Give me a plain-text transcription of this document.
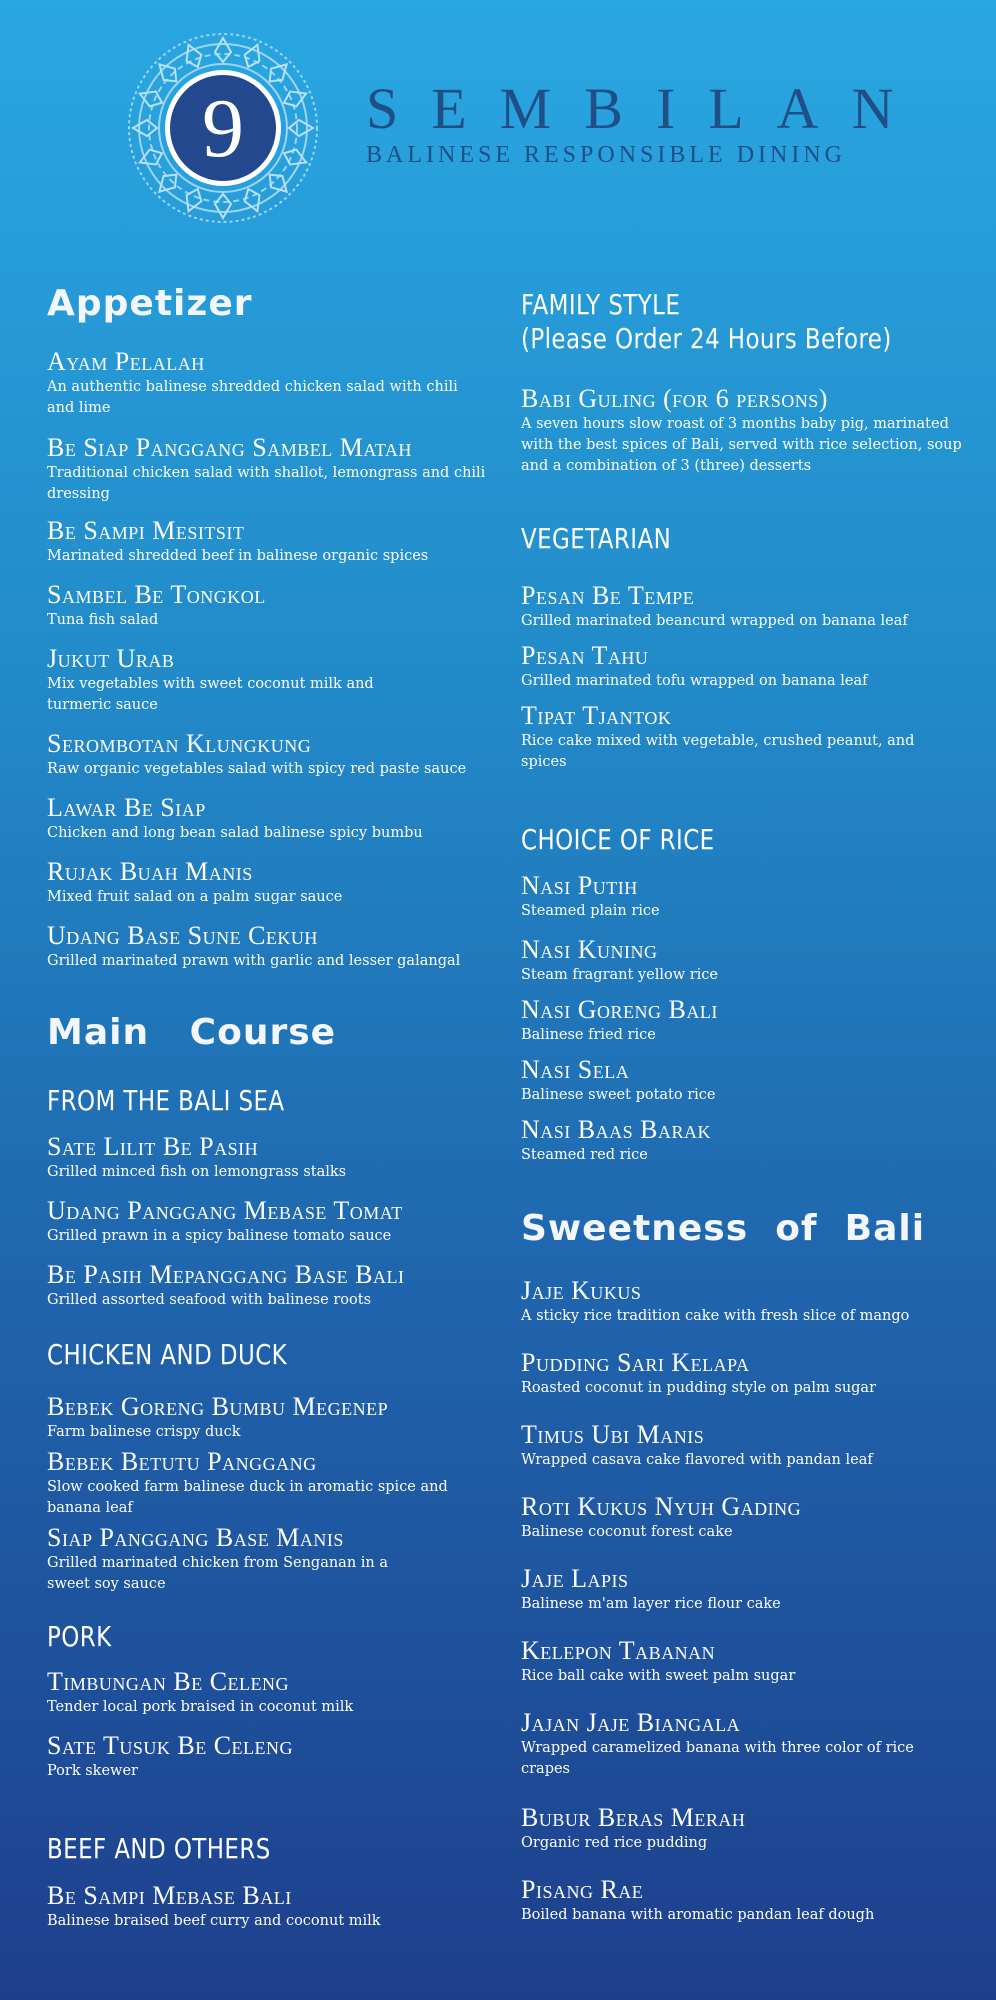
9 SEMBILAN
BALINESE RESPONSIBLE DINING
Appetizer
Ayam Pelalah
An authentic balinese shredded chicken salad with chili and lime
Be Siap Panggang Sambel Matah
Traditional chicken salad with shallot, lemongrass and chili dressing
Be Sampi Mesitsit
Marinated shredded beef in balinese organic spices
Sambel Be Tongkol
Tuna fish salad
Jukut Urab
Mix vegetables with sweet coconut milk and turmeric sauce
Serombotan Klungkung
Raw organic vegetables salad with spicy red paste sauce
Lawar Be Siap
Chicken and long bean salad balinese spicy bumbu
Rujak Buah Manis
Mixed fruit salad on a palm sugar sauce
Udang Base Sune Cekuh
Grilled marinated prawn with garlic and lesser galangal
Main   Course
FROM THE BALI SEA
Sate Lilit Be Pasih
Grilled minced fish on lemongrass stalks
Udang Panggang Mebase Tomat
Grilled prawn in a spicy balinese tomato sauce
Be Pasih Mepanggang Base Bali
Grilled assorted seafood with balinese roots
CHICKEN AND DUCK
Bebek Goreng Bumbu Megenep
Farm balinese crispy duck
Bebek Betutu Panggang
Slow cooked farm balinese duck in aromatic spice and banana leaf
Siap Panggang Base Manis
Grilled marinated chicken from Senganan in a sweet soy sauce
PORK
Timbungan Be Celeng
Tender local pork braised in coconut milk
Sate Tusuk Be Celeng
Pork skewer
BEEF AND OTHERS
Be Sampi Mebase Bali
Balinese braised beef curry and coconut milk
FAMILY STYLE
(Please Order 24 Hours Before)
Babi Guling (for 6 persons)
A seven hours slow roast of 3 months baby pig, marinated with the best spices of Bali, served with rice selection, soup and a combination of 3 (three) desserts
VEGETARIAN
Pesan Be Tempe
Grilled marinated beancurd wrapped on banana leaf
Pesan Tahu
Grilled marinated tofu wrapped on banana leaf
Tipat Tjantok
Rice cake mixed with vegetable, crushed peanut, and spices
CHOICE OF RICE
Nasi Putih
Steamed plain rice
Nasi Kuning
Steam fragrant yellow rice
Nasi Goreng Bali
Balinese fried rice
Nasi Sela
Balinese sweet potato rice
Nasi Baas Barak
Steamed red rice
Sweetness  of  Bali
Jaje Kukus
A sticky rice tradition cake with fresh slice of mango
Pudding Sari Kelapa
Roasted coconut in pudding style on palm sugar
Timus Ubi Manis
Wrapped casava cake flavored with pandan leaf
Roti Kukus Nyuh Gading
Balinese coconut forest cake
Jaje Lapis
Balinese m'am layer rice flour cake
Kelepon Tabanan
Rice ball cake with sweet palm sugar
Jajan Jaje Biangala
Wrapped caramelized banana with three color of rice crapes
Bubur Beras Merah
Organic red rice pudding
Pisang Rae
Boiled banana with aromatic pandan leaf dough
